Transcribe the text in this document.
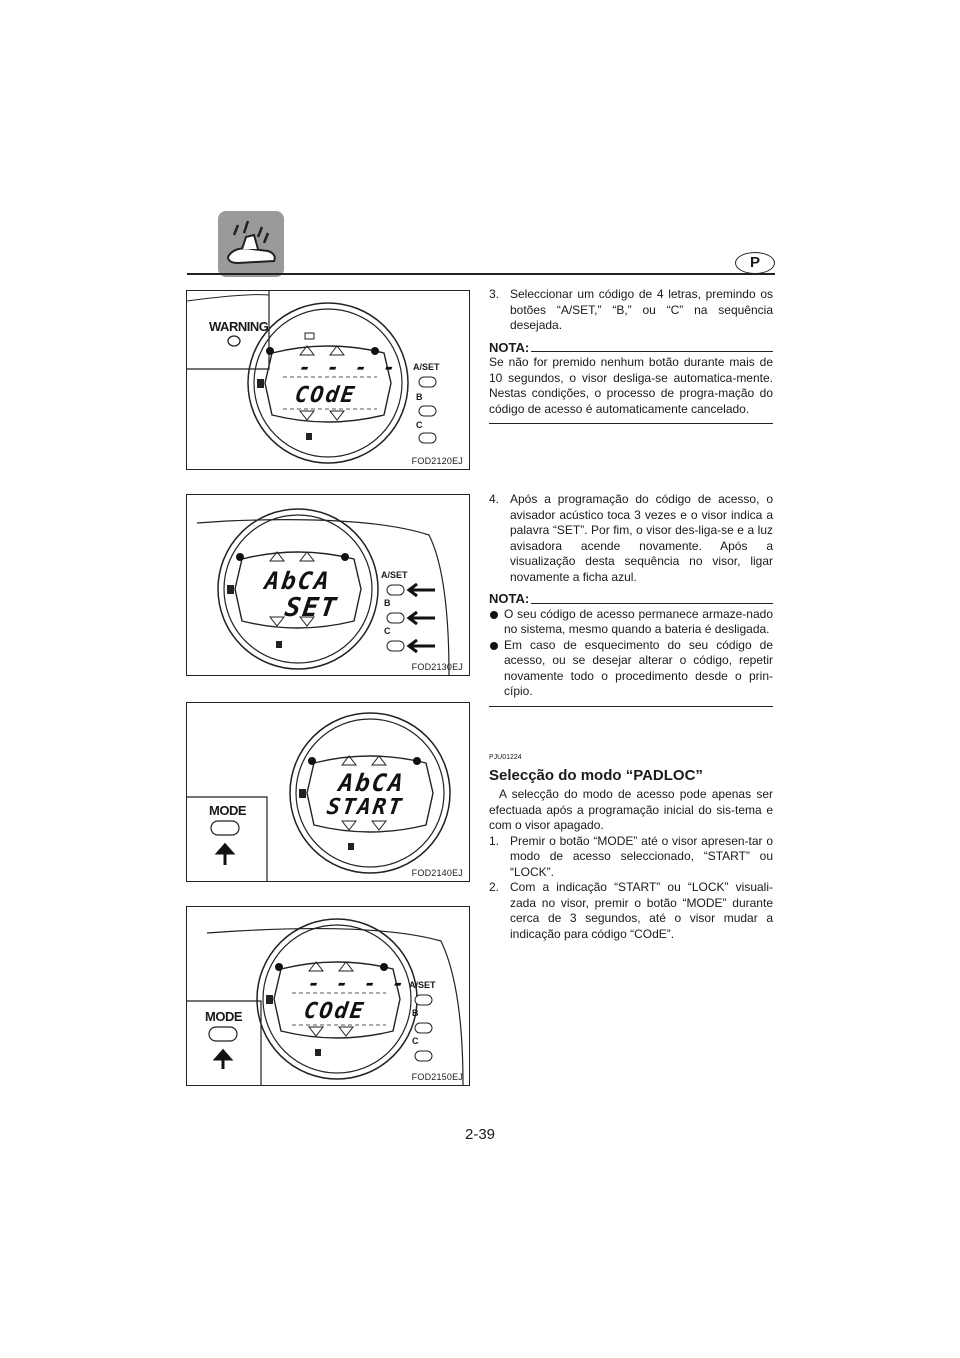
P
WARNING
- - - -
COdE
A/SET
B
C
FOD2120EJ
AbCA
SET
A/SET
B
C
FOD2130EJ
MODE
AbCA
START
FOD2140EJ
MODE
- - - -
COdE
A/SET
B
C
FOD2150EJ
3. Seleccionar um código de 4 letras, premindo os botões “A/SET,” “B,” ou “C” na sequência desejada.
NOTA:
Se não for premido nenhum botão durante mais de 10 segundos, o visor desliga-se automatica-mente. Nestas condições, o processo de progra-mação do código de acesso é automaticamente cancelado.
4. Após a programação do código de acesso, o avisador acústico toca 3 vezes e o visor indica a palavra “SET”. Por fim, o visor des-liga-se e a luz avisadora acende novamente. Após a visualização desta sequência no visor, ligar novamente a ficha azul.
NOTA:
O seu código de acesso permanece armaze-nado no sistema, mesmo quando a bateria é desligada.
Em caso de esquecimento do seu código de acesso, ou se desejar alterar o código, repetir novamente todo o procedimento desde o prin-cípio.
PJU01224
Selecção do modo “PADLOC”
A selecção do modo de acesso pode apenas ser efectuada após a programação inicial do sis-tema e com o visor apagado.
1. Premir o botão “MODE” até o visor apresen-tar o modo de acesso seleccionado, “START” ou “LOCK”.
2. Com a indicação “START” ou “LOCK” visuali-zada no visor, premir o botão “MODE” durante cerca de 3 segundos, até o visor mudar a indicação para código “COdE”.
2-39
